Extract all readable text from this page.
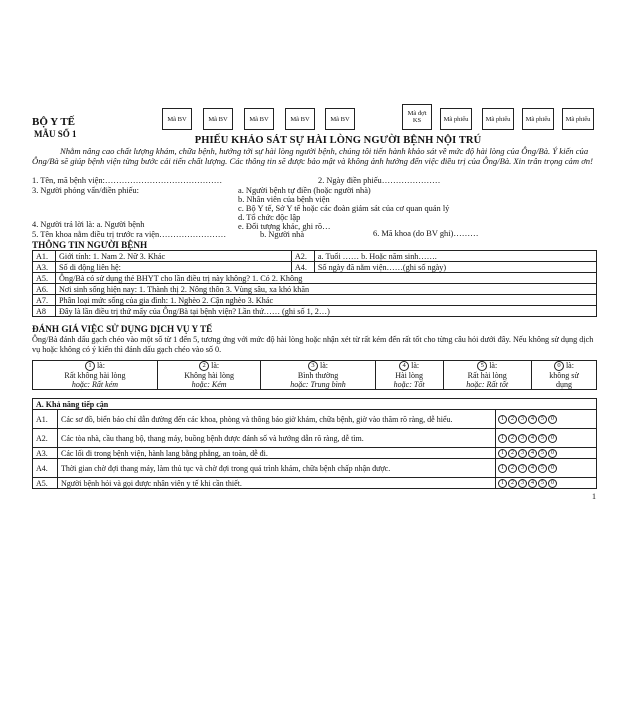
BỘ Y TẾ
MẪU SỐ 1
Mã BV	Mã BV	Mã BV	Mã BV	Mã BV
Mã đợt KS	Mã phiếu	Mã phiếu Mã phiếu Mã phiếu
PHIẾU KHẢO SÁT SỰ HÀI LÒNG NGƯỜI BỆNH NỘI TRÚ
Nhằm nâng cao chất lượng khám, chữa bệnh, hướng tới sự hài lòng người bệnh, chúng tôi tiến hành khảo sát về mức độ hài lòng của Ông/Bà. Ý kiến của Ông/Bà sẽ giúp bệnh viện từng bước cải tiến chất lượng. Các thông tin sẽ được bảo mật và không ảnh hưởng đến việc điều trị của Ông/Bà. Xin trân trọng cảm ơn!
1. Tên, mã bệnh viện:……………………………………	2. Ngày điền phiếu…………………
3. Người phỏng vấn/điền phiếu:	a. Người bệnh tự điền (hoặc người nhà)
b. Nhân viên của bệnh viện
c. Bộ Y tế, Sở Y tế hoặc các đoàn giám sát của cơ quan quản lý
d. Tổ chức độc lập
e. Đối tượng khác, ghi rõ…
4. Người trả lời là: a. Người bệnh
b. Người nhà
5. Tên khoa nằm điều trị trước ra viện……………………	6. Mã khoa (do BV ghi)………
THÔNG TIN NGƯỜI BỆNH
A1.	Giới tính: 1. Nam 2. Nữ 3. Khác	A2.	a. Tuổi …… b. Hoặc năm sinh…….
A3.	Số di động liên hệ:	A4.	Số ngày đã nằm viện……(ghi số ngày)
A5.	Ông/Bà có sử dụng thẻ BHYT cho lần điều trị này không? 1. Có 2. Không		
A6.	Nơi sinh sống hiện nay: 1. Thành thị 2. Nông thôn 3. Vùng sâu, xa khó khăn		
A7.	Phân loại mức sống của gia đình: 1. Nghèo 2. Cận nghèo 3. Khác		
A8	Đây là lần điều trị thứ mấy của Ông/Bà tại bệnh viện? Lần thứ…… (ghi số 1, 2…)		
ĐÁNH GIÁ VIỆC SỬ DỤNG DỊCH VỤ Y TẾ
Ông/Bà đánh dấu gạch chéo vào một số từ 1 đến 5, tương ứng với mức độ hài lòng hoặc nhận xét từ rất kém đến rất tốt cho từng câu hỏi dưới đây. Nếu không sử dụng dịch vụ hoặc không có ý kiến thì đánh dấu gạch chéo vào số 0.
1 là:
Rất không hài lòng
hoặc: Rất kém	2 là:
Không hài lòng
hoặc: Kém	3 là:
Bình thường
hoặc: Trung bình	4 là:
Hài lòng
hoặc: Tốt	5 là:
Rất hài lòng
hoặc: Rất tốt	0 là:
không sử
dụng
A. Khả năng tiếp cận		
A1.	Các sơ đồ, biển báo chỉ dẫn đường đến các khoa, phòng và thông báo giờ khám, chữa bệnh, giờ vào thăm rõ ràng, dễ hiểu.	1 2 3 4 5 0
A2.	Các tòa nhà, cầu thang bộ, thang máy, buồng bệnh được đánh số và hướng dẫn rõ ràng, dễ tìm.	1 2 3 4 5 0
A3.	Các lối đi trong bệnh viện, hành lang bằng phẳng, an toàn, dễ đi.	1 2 3 4 5 0
A4.	Thời gian chờ đợi thang máy, làm thủ tục và chờ đợi trong quá trình khám, chữa bệnh chấp nhận được.	1 2 3 4 5 0
A5.	Người bệnh hỏi và gọi được nhân viên y tế khi cần thiết.	1 2 3 4 5 0
1
